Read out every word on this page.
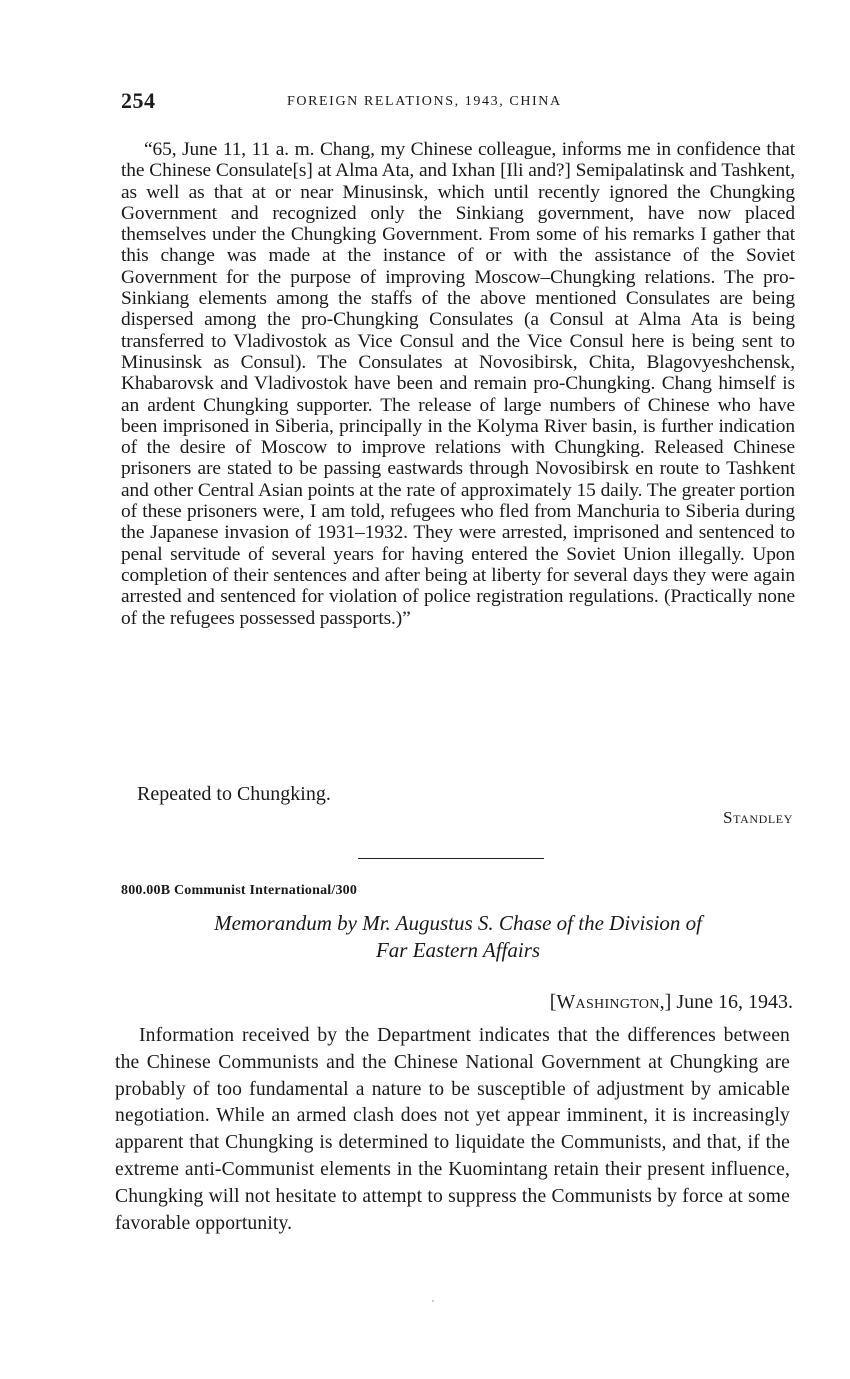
254	FOREIGN RELATIONS, 1943, CHINA

“65, June 11, 11 a. m. Chang, my Chinese colleague, informs me in confidence that the Chinese Consulate[s] at Alma Ata, and Ixhan [Ili and?] Semipalatinsk and Tashkent, as well as that at or near Minusinsk, which until recently ignored the Chungking Government and recognized only the Sinkiang government, have now placed themselves under the Chungking Government. From some of his remarks I gather that this change was made at the instance of or with the assistance of the Soviet Government for the purpose of improving Moscow–Chungking relations. The pro-Sinkiang elements among the staffs of the above mentioned Consulates are being dispersed among the pro-Chungking Consulates (a Consul at Alma Ata is being transferred to Vladivostok as Vice Consul and the Vice Consul here is being sent to Minusinsk as Consul). The Consulates at Novosibirsk, Chita, Blagovyeshchensk, Khabarovsk and Vladivostok have been and remain pro-Chungking. Chang himself is an ardent Chungking supporter. The release of large numbers of Chinese who have been imprisoned in Siberia, principally in the Kolyma River basin, is further indication of the desire of Moscow to improve relations with Chungking. Released Chinese prisoners are stated to be passing eastwards through Novosibirsk en route to Tashkent and other Central Asian points at the rate of approximately 15 daily. The greater portion of these prisoners were, I am told, refugees who fled from Manchuria to Siberia during the Japanese invasion of 1931–1932. They were arrested, imprisoned and sentenced to penal servitude of several years for having entered the Soviet Union illegally. Upon completion of their sentences and after being at liberty for several days they were again arrested and sentenced for violation of police registration regulations. (Practically none of the refugees possessed passports.)”

Repeated to Chungking.
Standley
800.00B Communist International/300
Memorandum by Mr. Augustus S. Chase of the Division of
Far Eastern Affairs
[Washington,] June 16, 1943.

Information received by the Department indicates that the differences between the Chinese Communists and the Chinese National Government at Chungking are probably of too fundamental a nature to be susceptible of adjustment by amicable negotiation. While an armed clash does not yet appear imminent, it is increasingly apparent that Chungking is determined to liquidate the Communists, and that, if the extreme anti-Communist elements in the Kuomintang retain their present influence, Chungking will not hesitate to attempt to suppress the Communists by force at some favorable opportunity.
